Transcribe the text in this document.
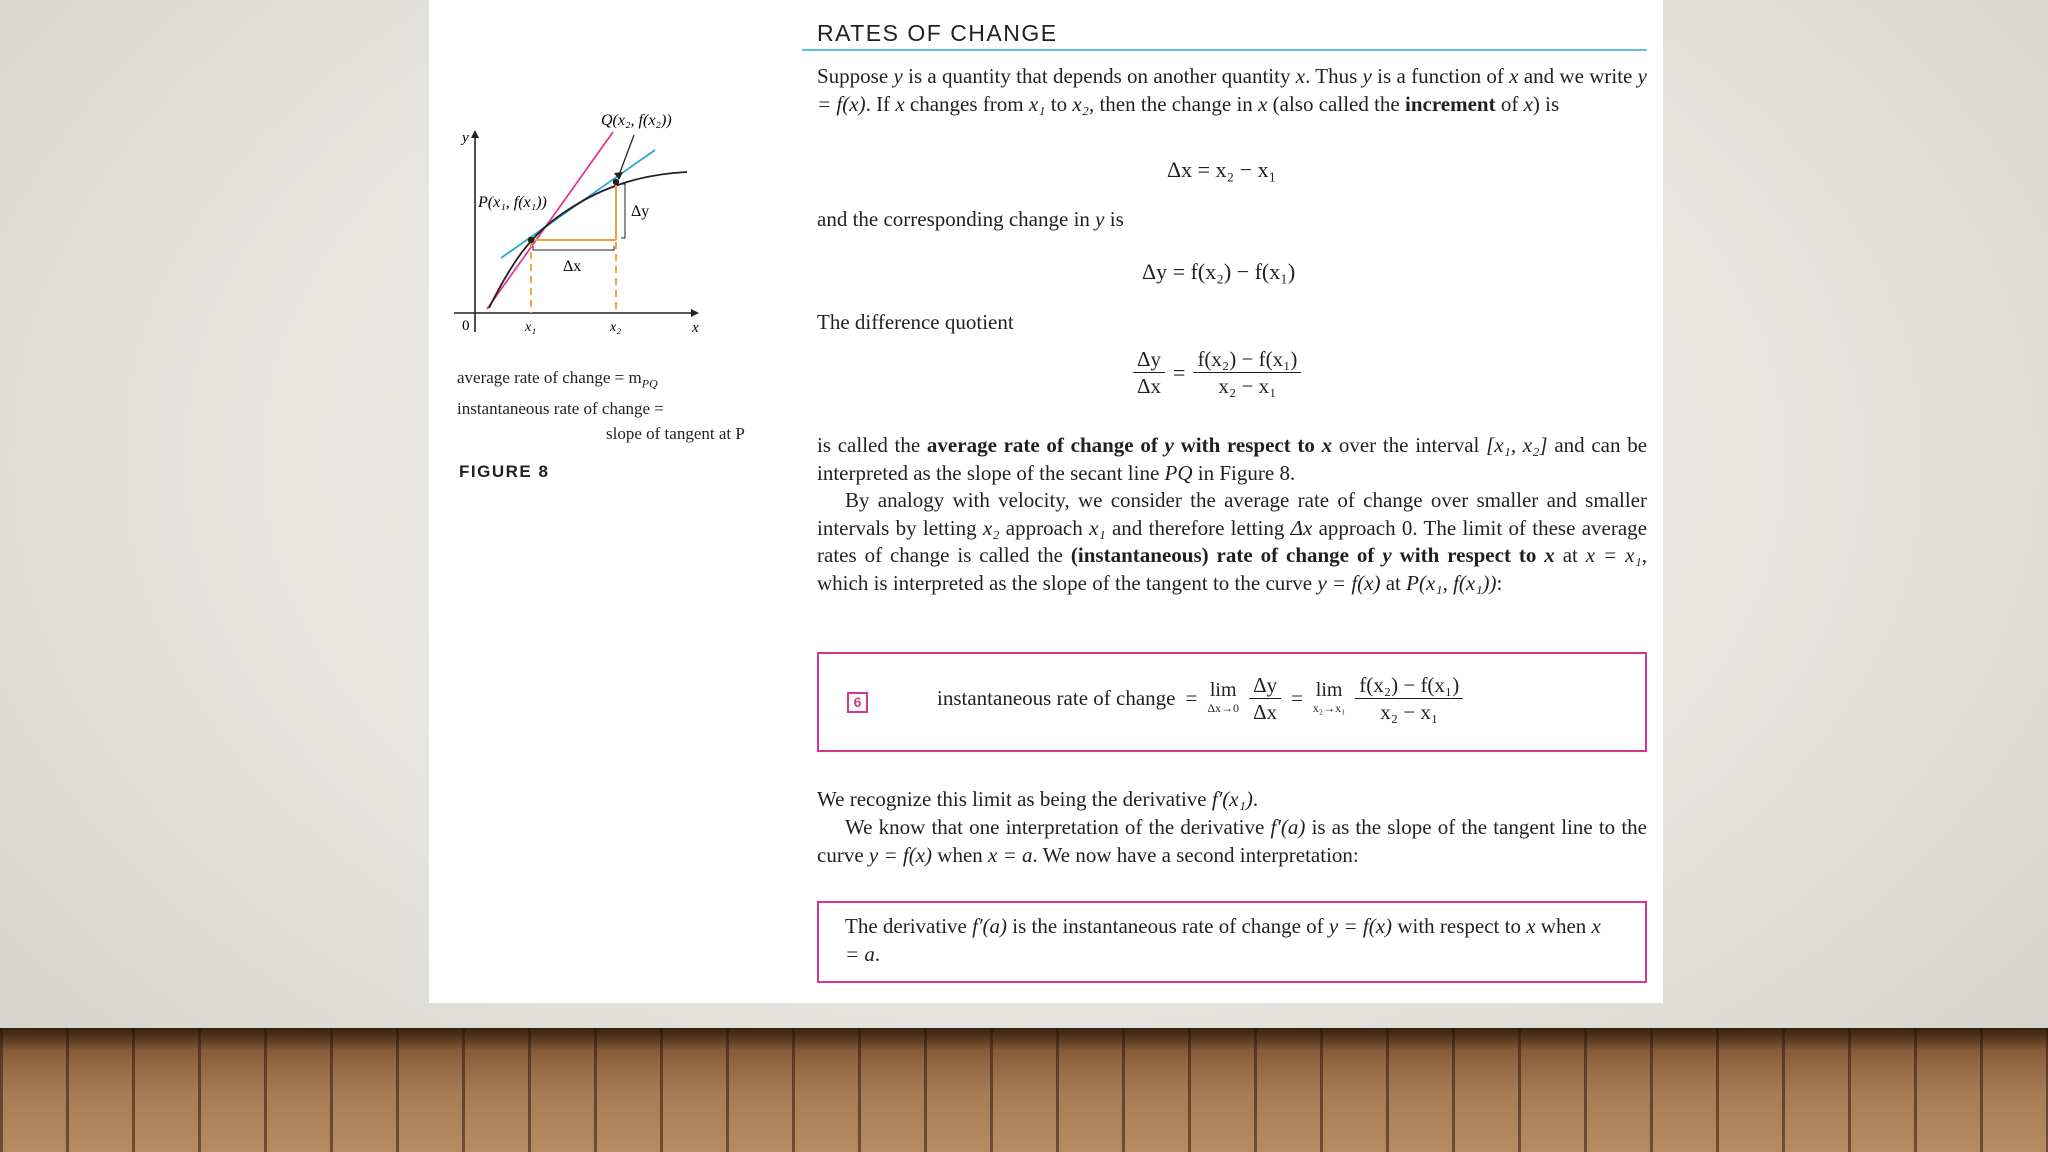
Q(x₂, f(x₂))
P(x₁, f(x₁))
Δy
Δx
y
x
0	x₁	x₂
average rate of change = $m_{PQ}$
instantaneous rate of change =
slope of tangent at P
FIGURE 8
RATES OF CHANGE

Suppose y is a quantity that depends on another quantity x. Thus y is a function of x and we write y = f(x). If x changes from x₁ to x₂, then the change in x (also called the increment of x) is

Δx = x₂ − x₁

and the corresponding change in y is

Δy = f(x₂) − f(x₁)

The difference quotient

$\frac{\Delta y}{\Delta x} = \frac{\text{f(x₂) − f(x₁)}}{\text{x₂ − x₁}}$

is called the average rate of change of y with respect to x over the interval [x₁, x₂] and can be interpreted as the slope of the secant line PQ in Figure 8.

By analogy with velocity, we consider the average rate of change over smaller and smaller intervals by letting x₂ approach x₁ and therefore letting Δx approach 0. The limit of these average rates of change is called the (instantaneous) rate of change of y with respect to x at x = x₁, which is interpreted as the slope of the tangent to the curve y = f(x) at P(x₁, f(x₁)):

6	instantaneous rate of change = lim
$\Delta x\to 0 \frac{\Delta y}{\Delta x} = \lim$
$x_2\to x_1 \frac{\text{f(x₂) − f(x₁)}}{\text{x₂ − x₁}}$

We recognize this limit as being the derivative f′(x₁).

We know that one interpretation of the derivative f′(a) is as the slope of the tangent line to the curve y = f(x) when x = a. We now have a second interpretation:

The derivative f′(a) is the instantaneous rate of change of y = f(x) with respect to x when x = a.
